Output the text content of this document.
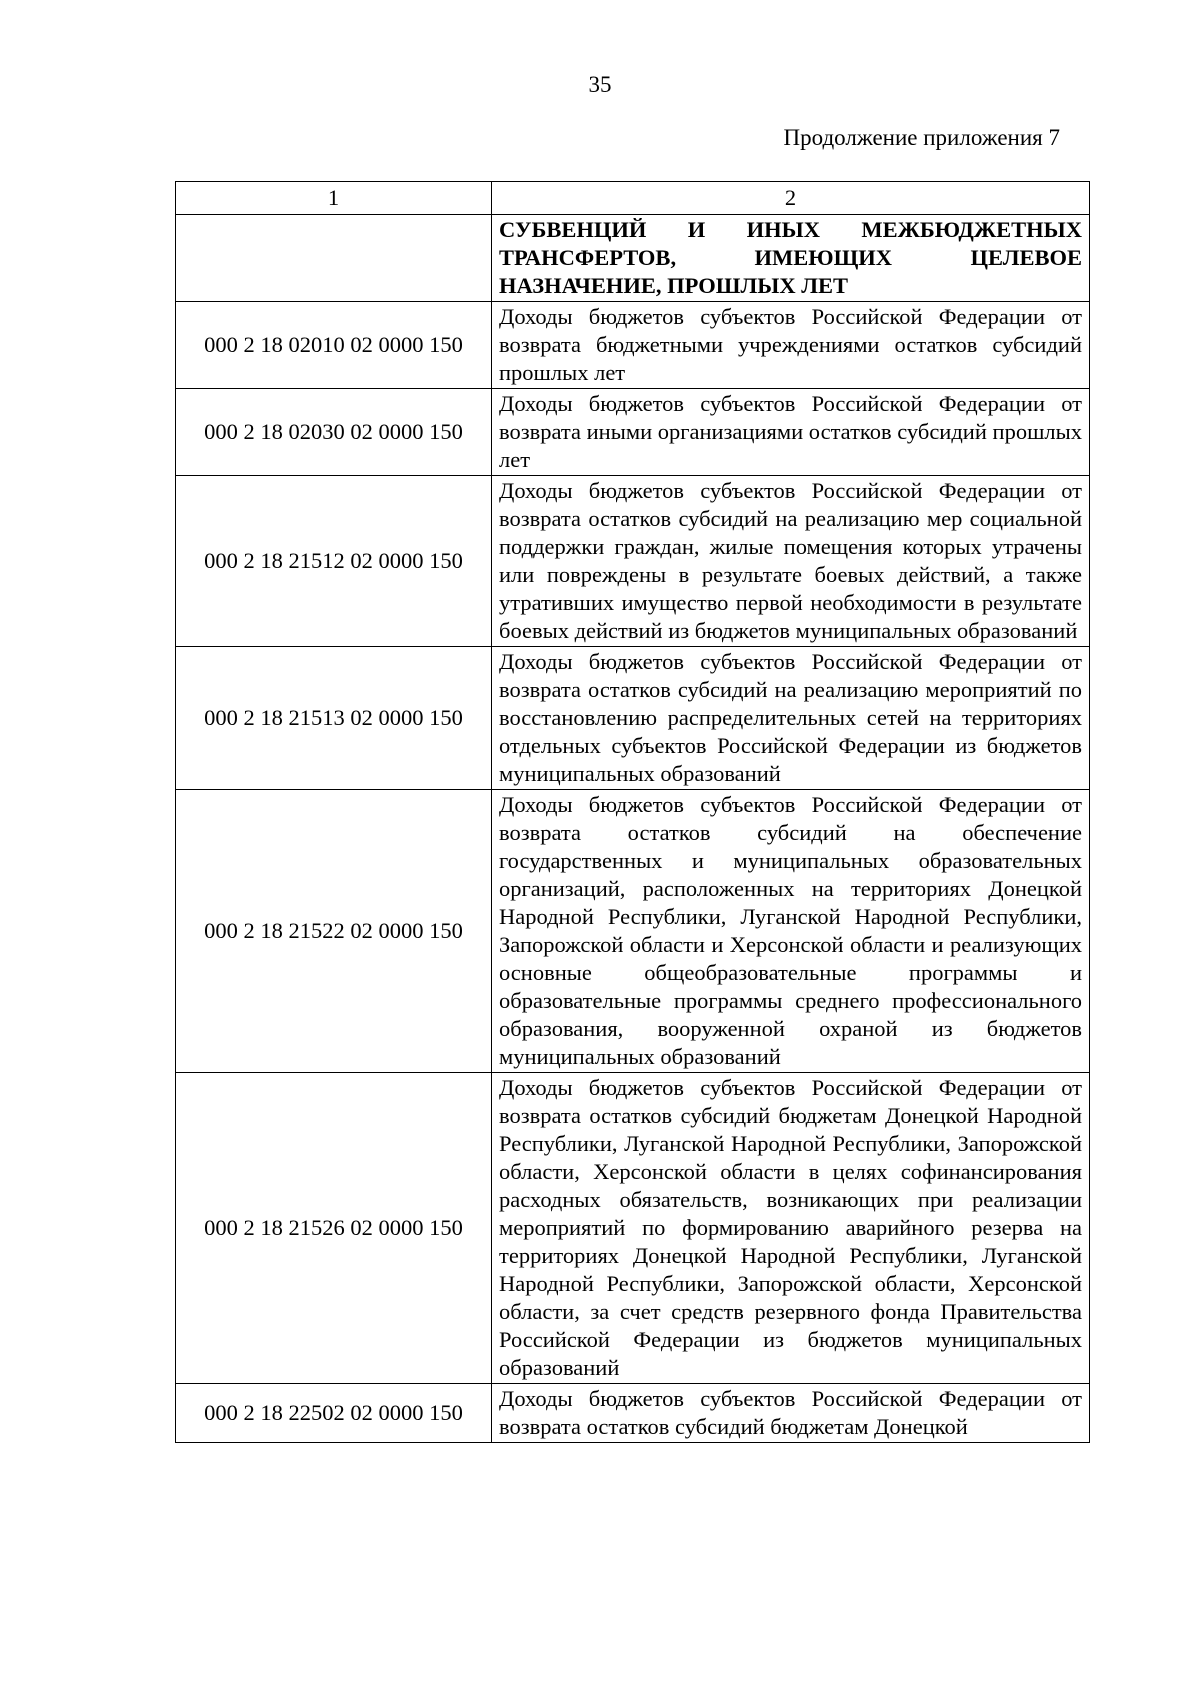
35
Продолжение приложения 7
1	2
	СУБВЕНЦИЙ И ИНЫХ МЕЖБЮДЖЕТНЫХ ТРАНСФЕРТОВ, ИМЕЮЩИХ ЦЕЛЕВОЕ НАЗНАЧЕНИЕ, ПРОШЛЫХ ЛЕТ
000 2 18 02010 02 0000 150	Доходы бюджетов субъектов Российской Федерации от возврата бюджетными учреждениями остатков субсидий прошлых лет
000 2 18 02030 02 0000 150	Доходы бюджетов субъектов Российской Федерации от возврата иными организациями остатков субсидий прошлых лет
000 2 18 21512 02 0000 150	Доходы бюджетов субъектов Российской Федерации от возврата остатков субсидий на реализацию мер социальной поддержки граждан, жилые помещения которых утрачены или повреждены в результате боевых действий, а также утративших имущество первой необходимости в результате боевых действий из бюджетов муниципальных образований
000 2 18 21513 02 0000 150	Доходы бюджетов субъектов Российской Федерации от возврата остатков субсидий на реализацию мероприятий по восстановлению распределительных сетей на территориях отдельных субъектов Российской Федерации из бюджетов муниципальных образований
000 2 18 21522 02 0000 150	Доходы бюджетов субъектов Российской Федерации от возврата остатков субсидий на обеспечение государственных и муниципальных образовательных организаций, расположенных на территориях Донецкой Народной Республики, Луганской Народной Республики, Запорожской области и Херсонской области и реализующих основные общеобразовательные программы и образовательные программы среднего профессионального образования, вооруженной охраной из бюджетов муниципальных образований
000 2 18 21526 02 0000 150	Доходы бюджетов субъектов Российской Федерации от возврата остатков субсидий бюджетам Донецкой Народной Республики, Луганской Народной Республики, Запорожской области, Херсонской области в целях софинансирования расходных обязательств, возникающих при реализации мероприятий по формированию аварийного резерва на территориях Донецкой Народной Республики, Луганской Народной Республики, Запорожской области, Херсонской области, за счет средств резервного фонда Правительства Российской Федерации из бюджетов муниципальных образований
000 2 18 22502 02 0000 150	Доходы бюджетов субъектов Российской Федерации от возврата остатков субсидий бюджетам Донецкой
